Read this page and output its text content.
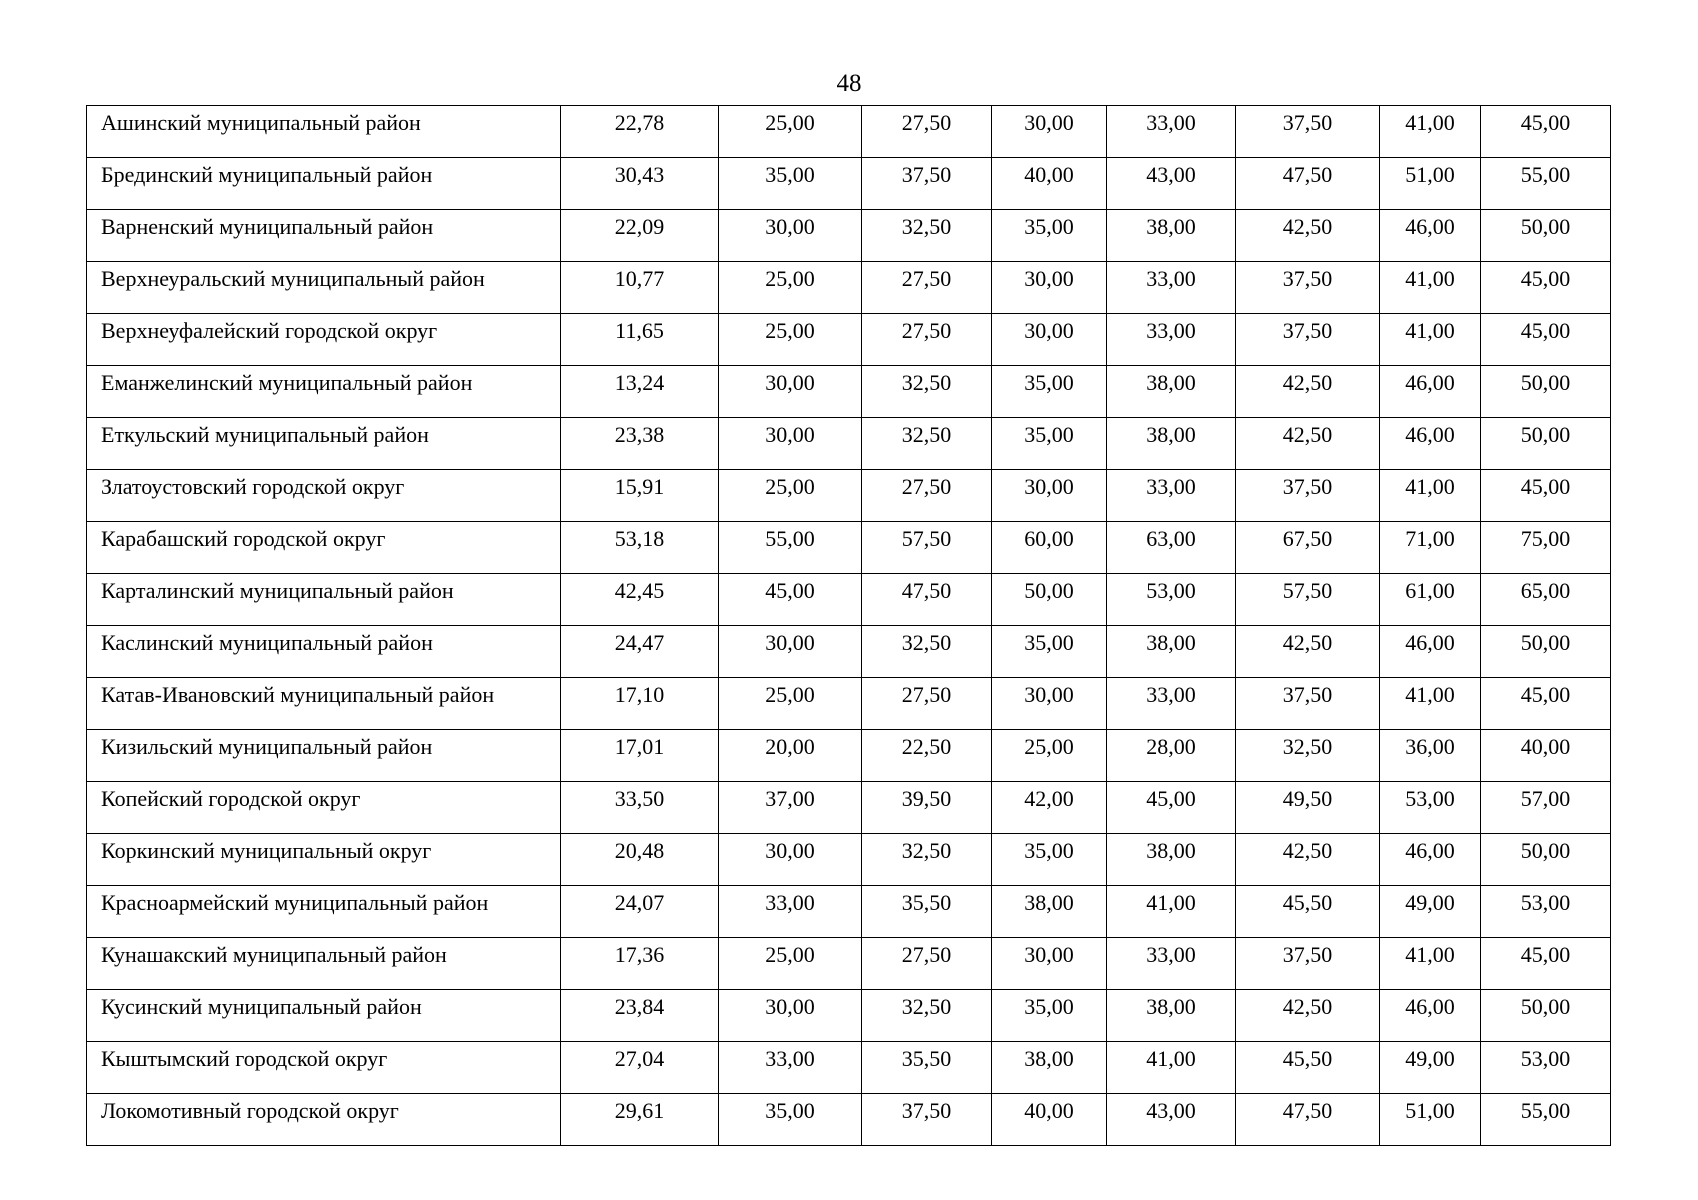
48
Ашинский муниципальный район	22,78	25,00	27,50	30,00	33,00	37,50	41,00	45,00
Брединский муниципальный район	30,43	35,00	37,50	40,00	43,00	47,50	51,00	55,00
Варненский муниципальный район	22,09	30,00	32,50	35,00	38,00	42,50	46,00	50,00
Верхнеуральский муниципальный район	10,77	25,00	27,50	30,00	33,00	37,50	41,00	45,00
Верхнеуфалейский городской округ	11,65	25,00	27,50	30,00	33,00	37,50	41,00	45,00
Еманжелинский муниципальный район	13,24	30,00	32,50	35,00	38,00	42,50	46,00	50,00
Еткульский муниципальный район	23,38	30,00	32,50	35,00	38,00	42,50	46,00	50,00
Златоустовский городской округ	15,91	25,00	27,50	30,00	33,00	37,50	41,00	45,00
Карабашский городской округ	53,18	55,00	57,50	60,00	63,00	67,50	71,00	75,00
Карталинский муниципальный район	42,45	45,00	47,50	50,00	53,00	57,50	61,00	65,00
Каслинский муниципальный район	24,47	30,00	32,50	35,00	38,00	42,50	46,00	50,00
Катав-Ивановский муниципальный район	17,10	25,00	27,50	30,00	33,00	37,50	41,00	45,00
Кизильский муниципальный район	17,01	20,00	22,50	25,00	28,00	32,50	36,00	40,00
Копейский городской округ	33,50	37,00	39,50	42,00	45,00	49,50	53,00	57,00
Коркинский муниципальный округ	20,48	30,00	32,50	35,00	38,00	42,50	46,00	50,00
Красноармейский муниципальный район	24,07	33,00	35,50	38,00	41,00	45,50	49,00	53,00
Кунашакский муниципальный район	17,36	25,00	27,50	30,00	33,00	37,50	41,00	45,00
Кусинский муниципальный район	23,84	30,00	32,50	35,00	38,00	42,50	46,00	50,00
Кыштымский городской округ	27,04	33,00	35,50	38,00	41,00	45,50	49,00	53,00
Локомотивный городской округ	29,61	35,00	37,50	40,00	43,00	47,50	51,00	55,00
